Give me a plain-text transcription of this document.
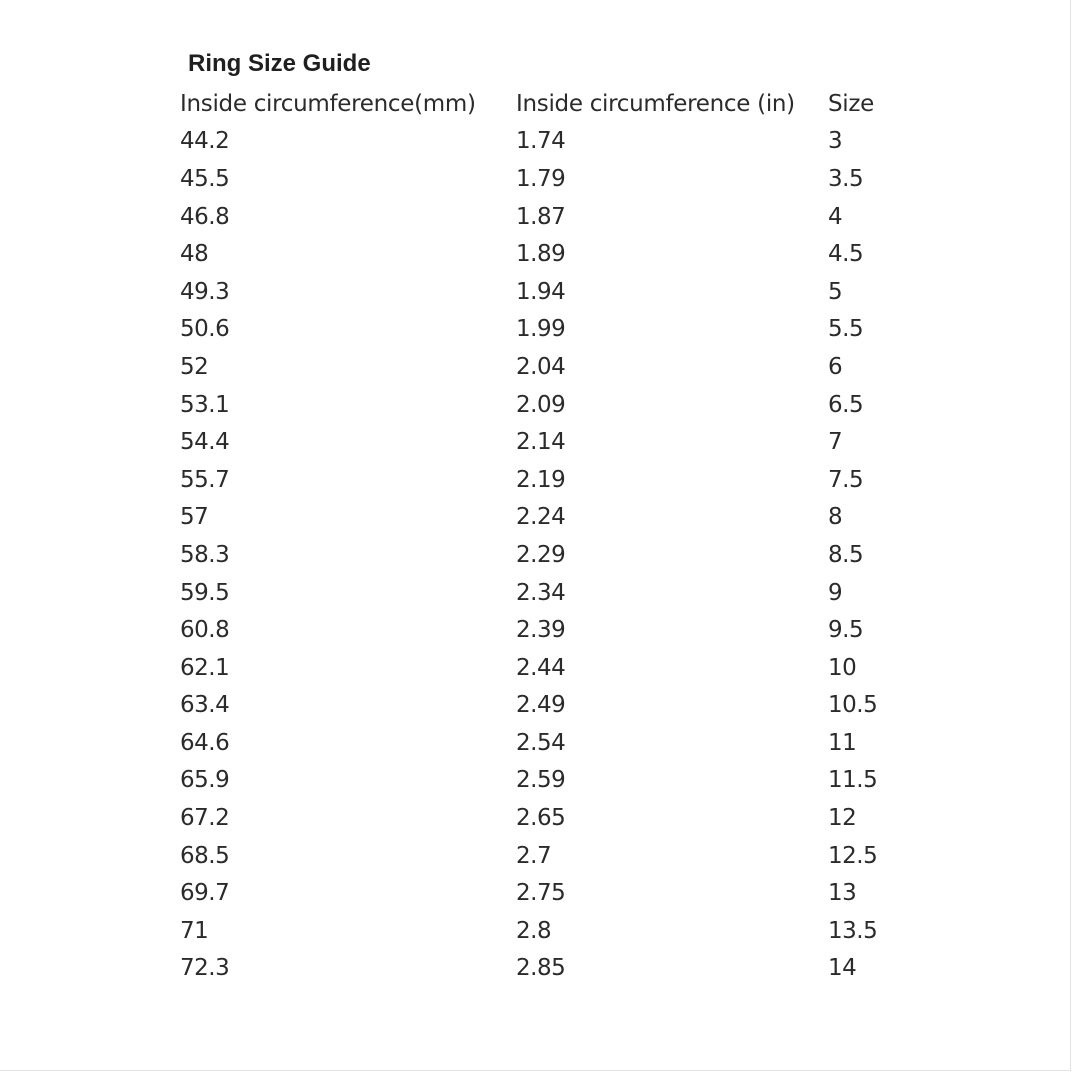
Ring Size Guide
Inside circumference(mm)	Inside circumference (in)	Size
44.2	1.74	3
45.5	1.79	3.5
46.8	1.87	4
48	1.89	4.5
49.3	1.94	5
50.6	1.99	5.5
52	2.04	6
53.1	2.09	6.5
54.4	2.14	7
55.7	2.19	7.5
57	2.24	8
58.3	2.29	8.5
59.5	2.34	9
60.8	2.39	9.5
62.1	2.44	10
63.4	2.49	10.5
64.6	2.54	11
65.9	2.59	11.5
67.2	2.65	12
68.5	2.7	12.5
69.7	2.75	13
71	2.8	13.5
72.3	2.85	14
